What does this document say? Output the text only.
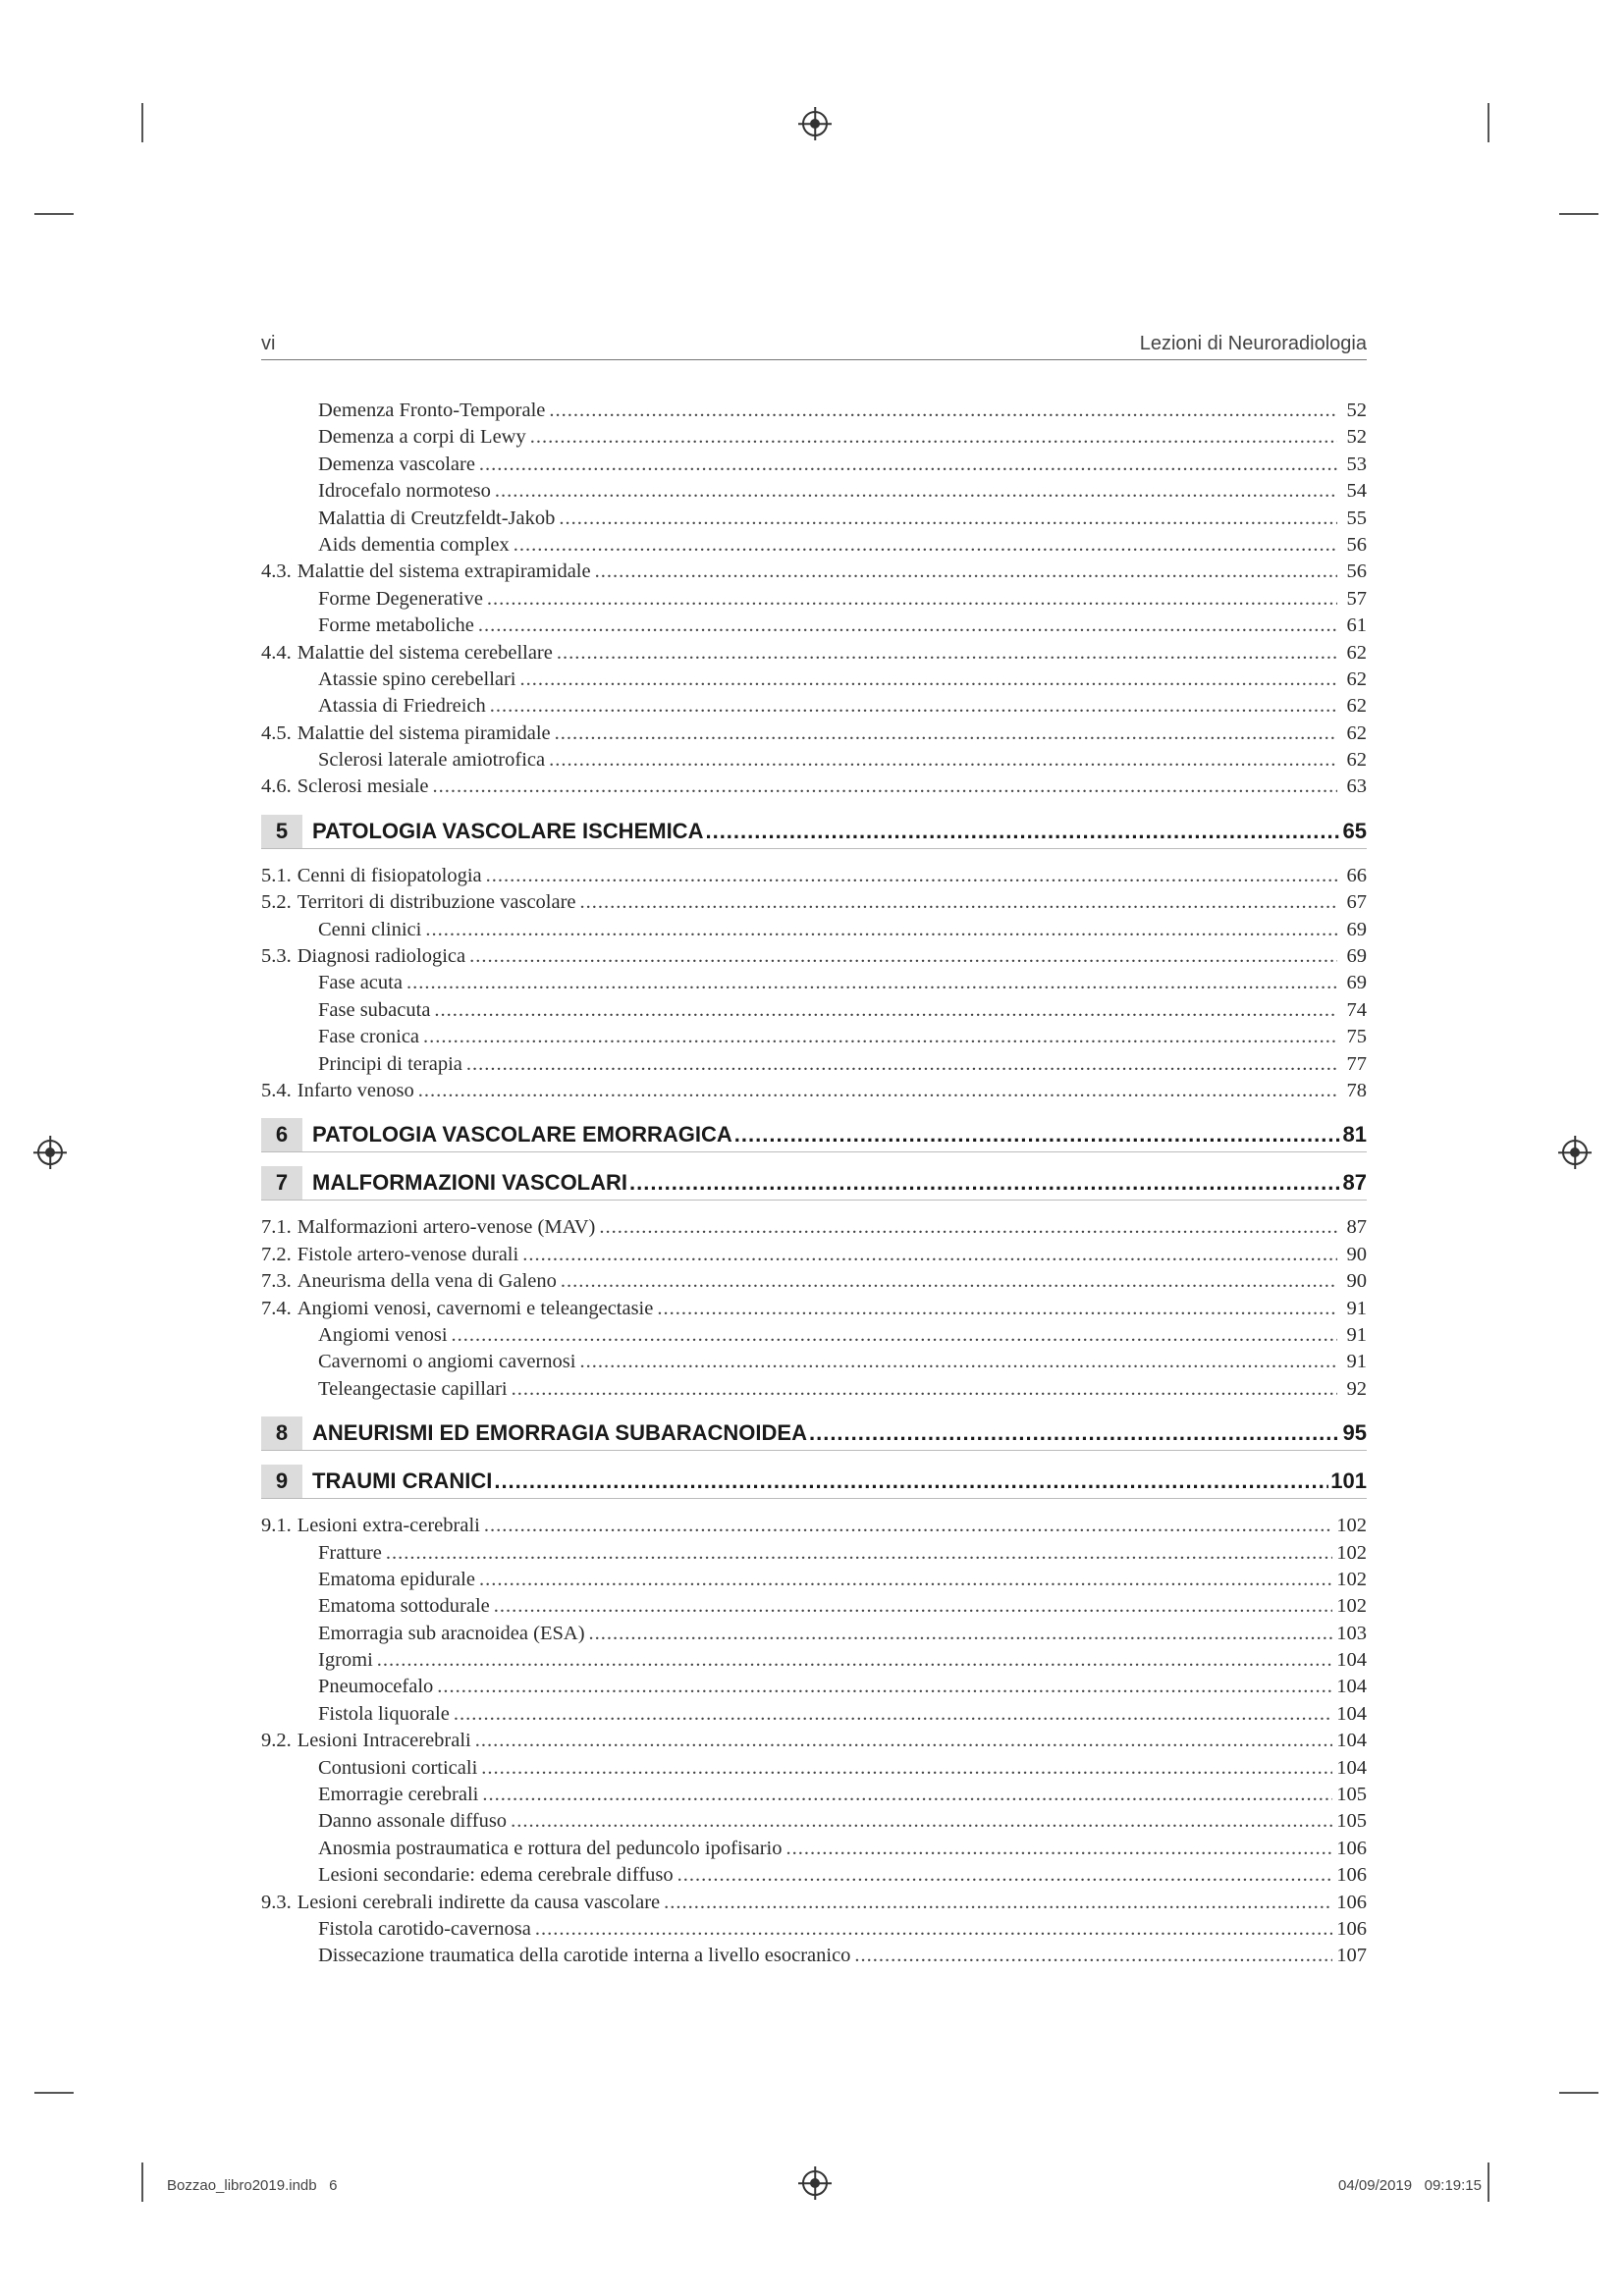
vi	Lezioni di Neuroradiologia
Demenza Fronto-Temporale .....	52
Demenza a corpi di Lewy .....	52
Demenza vascolare .....	53
Idrocefalo normoteso .....	54
Malattia di Creutzfeldt-Jakob .....	55
Aids dementia complex .....	56
4.3. Malattie del sistema extrapiramidale .....	56
Forme Degenerative .....	57
Forme metaboliche .....	61
4.4. Malattie del sistema cerebellare .....	62
Atassie spino cerebellari .....	62
Atassia di Friedreich .....	62
4.5. Malattie del sistema piramidale .....	62
Sclerosi laterale amiotrofica .....	62
4.6. Sclerosi mesiale .....	63
5	PATOLOGIA VASCOLARE ISCHEMICA .....	65
5.1. Cenni di fisiopatologia .....	66
5.2. Territori di distribuzione vascolare .....	67
Cenni clinici .....	69
5.3. Diagnosi radiologica .....	69
Fase acuta .....	69
Fase subacuta .....	74
Fase cronica .....	75
Principi di terapia .....	77
5.4. Infarto venoso .....	78
6	PATOLOGIA VASCOLARE EMORRAGICA .....	81
7	MALFORMAZIONI VASCOLARI .....	87
7.1. Malformazioni artero-venose (MAV) .....	87
7.2. Fistole artero-venose durali .....	90
7.3. Aneurisma della vena di Galeno .....	90
7.4. Angiomi venosi, cavernomi e teleangectasie .....	91
Angiomi venosi .....	91
Cavernomi o angiomi cavernosi .....	91
Teleangectasie capillari .....	92
8	ANEURISMI ED EMORRAGIA SUBARACNOIDEA .....	95
9	TRAUMI CRANICI .....	101
9.1. Lesioni extra-cerebrali .....	102
Fratture .....	102
Ematoma epidurale .....	102
Ematoma sottodurale .....	102
Emorragia sub aracnoidea (ESA) .....	103
Igromi .....	104
Pneumocefalo .....	104
Fistola liquorale .....	104
9.2. Lesioni Intracerebrali .....	104
Contusioni corticali .....	104
Emorragie cerebrali .....	105
Danno assonale diffuso .....	105
Anosmia postraumatica e rottura del peduncolo ipofisario .....	106
Lesioni secondarie: edema cerebrale diffuso .....	106
9.3. Lesioni cerebrali indirette da causa vascolare .....	106
Fistola carotido-cavernosa .....	106
Dissecazione traumatica della carotide interna a livello esocranico .....	107
Bozzao_libro2019.indb   6	04/09/2019   09:19:15
